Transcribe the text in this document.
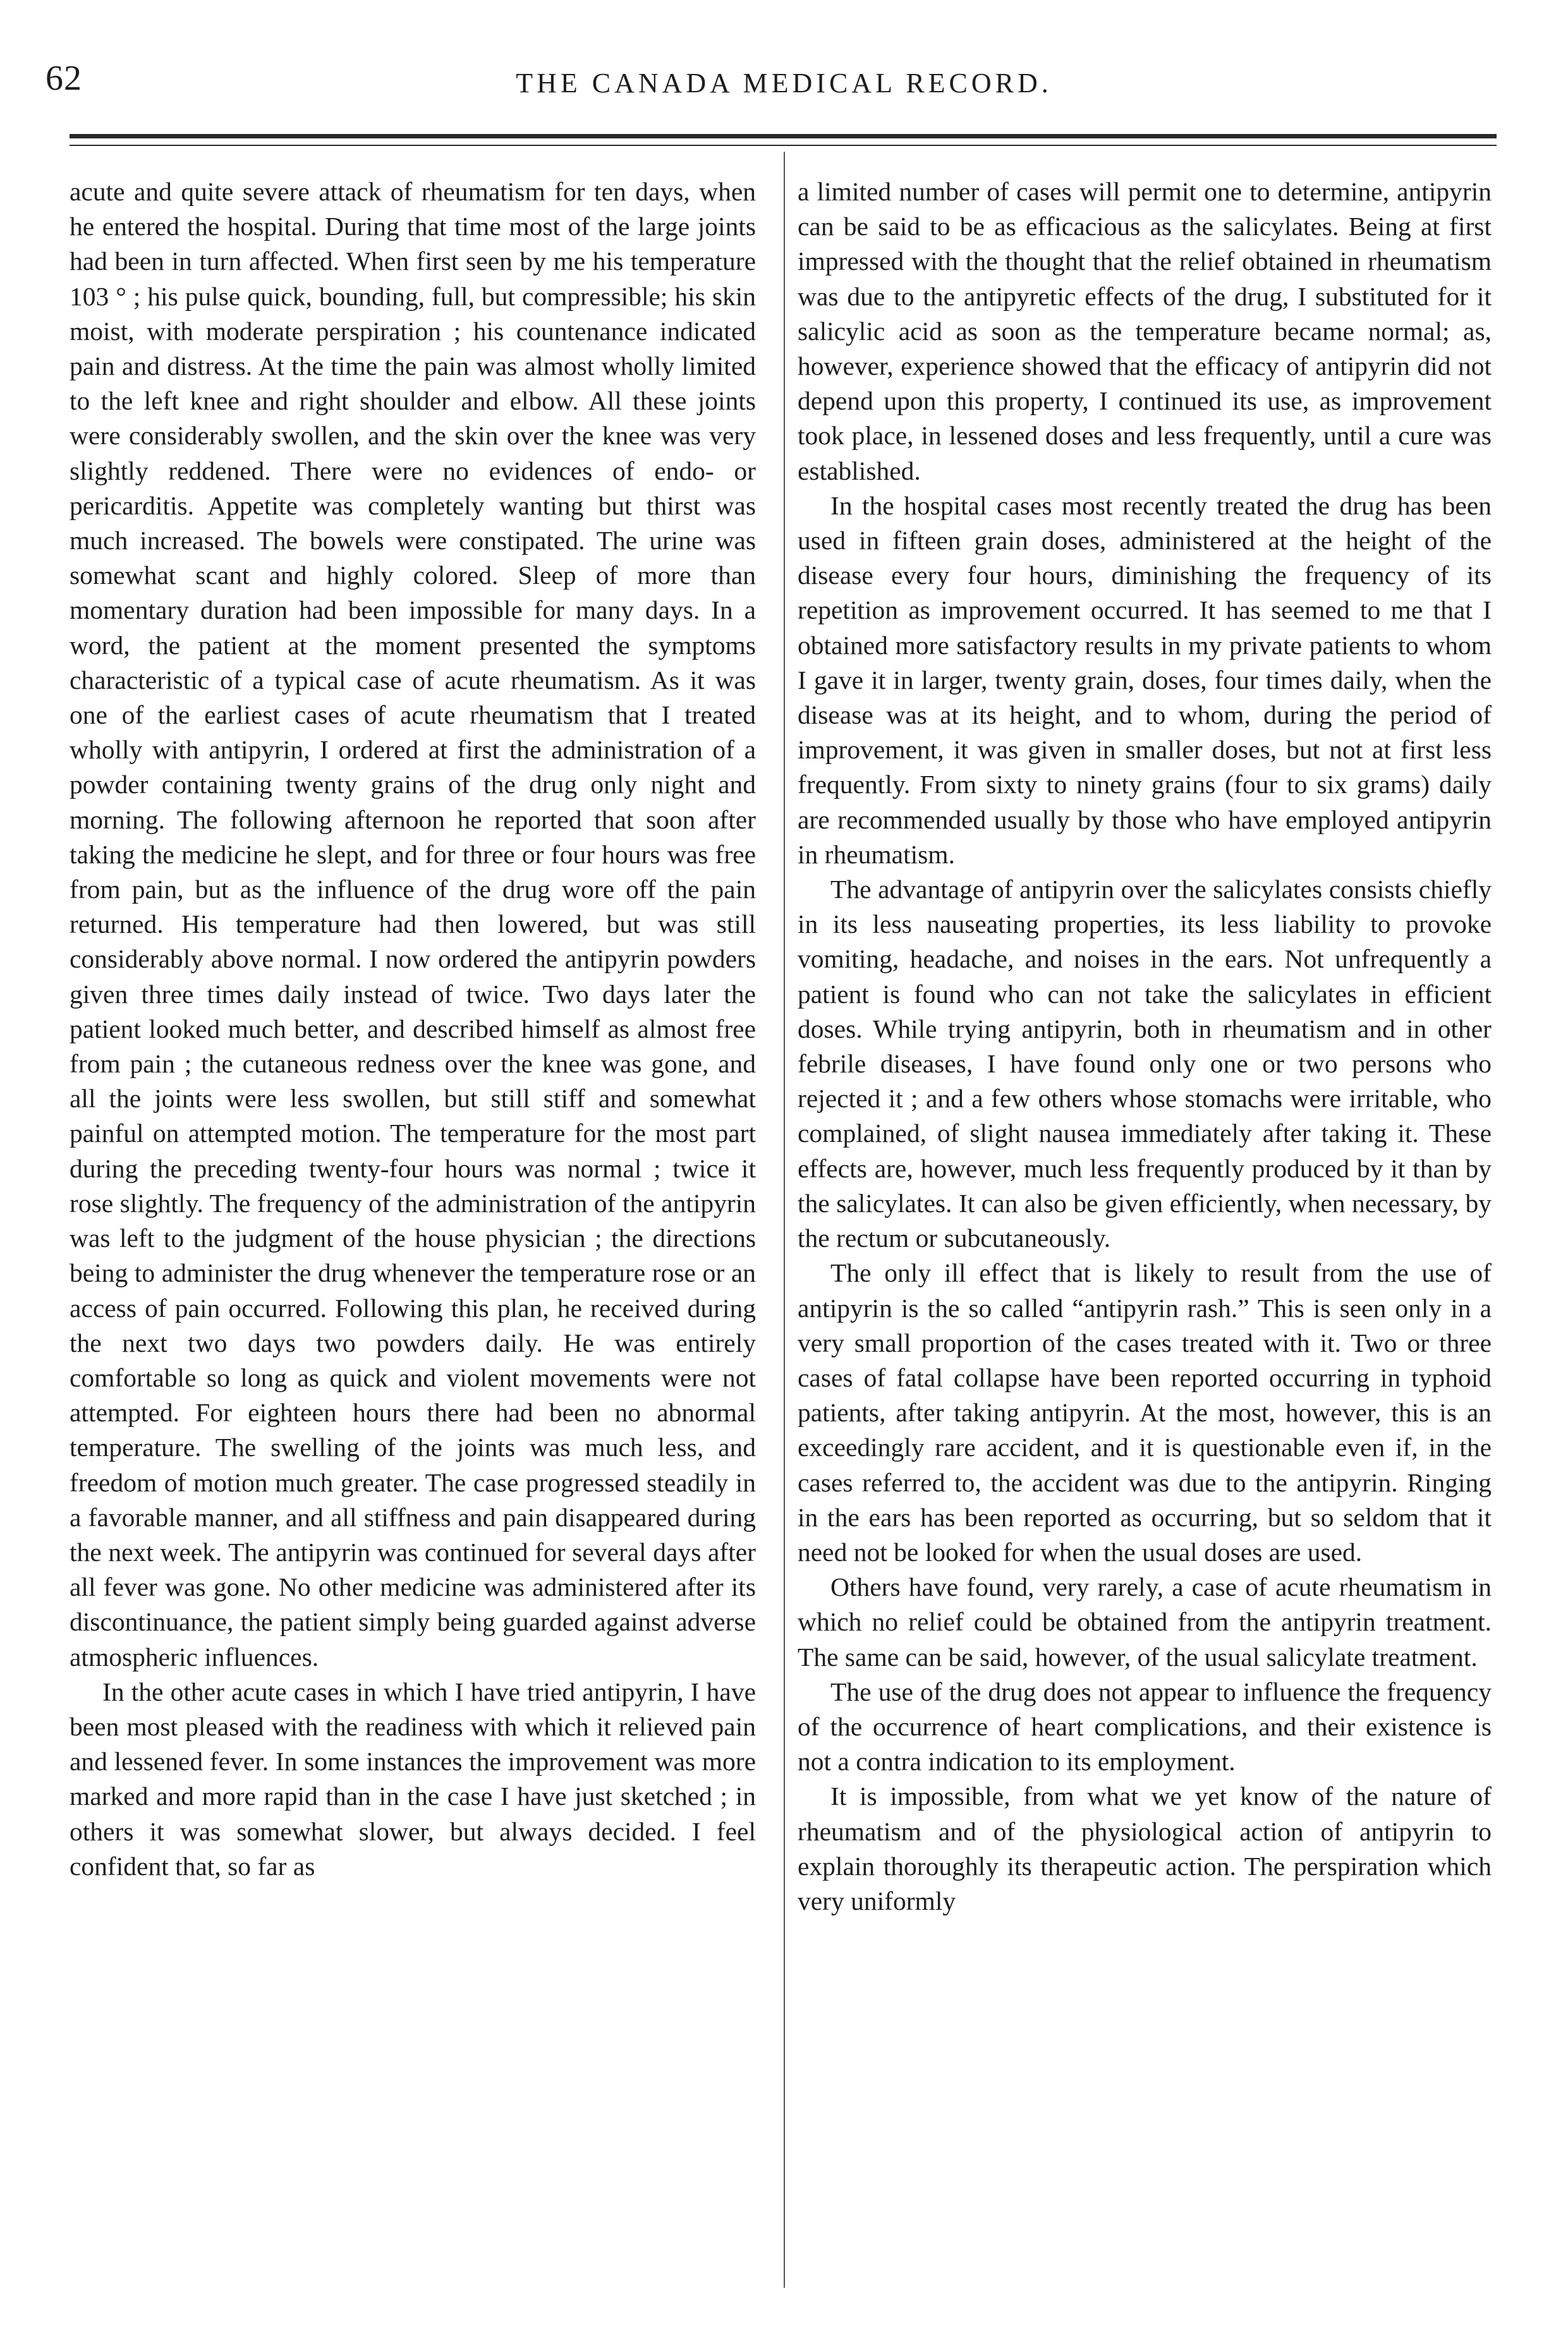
62	THE CANADA MEDICAL RECORD.

acute and quite severe attack of rheumatism for ten days, when he entered the hospital. During that time most of the large joints had been in turn affected. When first seen by me his temperature 103 ° ; his pulse quick, bounding, full, but compressible; his skin moist, with moderate perspiration ; his countenance indicated pain and distress. At the time the pain was almost wholly limited to the left knee and right shoulder and elbow. All these joints were considerably swollen, and the skin over the knee was very slightly reddened. There were no evidences of endo- or pericarditis. Appetite was completely wanting but thirst was much increased. The bowels were constipated. The urine was somewhat scant and highly colored. Sleep of more than momentary duration had been impossible for many days. In a word, the patient at the moment presented the symptoms characteristic of a typical case of acute rheumatism. As it was one of the earliest cases of acute rheumatism that I treated wholly with antipyrin, I ordered at first the administration of a powder containing twenty grains of the drug only night and morning. The following afternoon he reported that soon after taking the medicine he slept, and for three or four hours was free from pain, but as the influence of the drug wore off the pain returned. His temperature had then lowered, but was still considerably above normal. I now ordered the antipyrin powders given three times daily instead of twice. Two days later the patient looked much better, and described himself as almost free from pain ; the cutaneous redness over the knee was gone, and all the joints were less swollen, but still stiff and somewhat painful on attempted motion. The temperature for the most part during the preceding twenty-four hours was normal ; twice it rose slightly. The frequency of the administration of the antipyrin was left to the judgment of the house physician ; the directions being to administer the drug whenever the temperature rose or an access of pain occurred. Following this plan, he received during the next two days two powders daily. He was entirely comfortable so long as quick and violent movements were not attempted. For eighteen hours there had been no abnormal temperature. The swelling of the joints was much less, and freedom of motion much greater. The case progressed steadily in a favorable manner, and all stiffness and pain disappeared during the next week. The antipyrin was continued for several days after all fever was gone. No other medicine was administered after its discontinuance, the patient simply being guarded against adverse atmospheric influences.

In the other acute cases in which I have tried antipyrin, I have been most pleased with the readiness with which it relieved pain and lessened fever. In some instances the improvement was more marked and more rapid than in the case I have just sketched ; in others it was somewhat slower, but always decided. I feel confident that, so far as

a limited number of cases will permit one to determine, antipyrin can be said to be as efficacious as the salicylates. Being at first impressed with the thought that the relief obtained in rheumatism was due to the antipyretic effects of the drug, I substituted for it salicylic acid as soon as the temperature became normal; as, however, experience showed that the efficacy of antipyrin did not depend upon this property, I continued its use, as improvement took place, in lessened doses and less frequently, until a cure was established.

In the hospital cases most recently treated the drug has been used in fifteen grain doses, administered at the height of the disease every four hours, diminishing the frequency of its repetition as improvement occurred. It has seemed to me that I obtained more satisfactory results in my private patients to whom I gave it in larger, twenty grain, doses, four times daily, when the disease was at its height, and to whom, during the period of improvement, it was given in smaller doses, but not at first less frequently. From sixty to ninety grains (four to six grams) daily are recommended usually by those who have employed antipyrin in rheumatism.

The advantage of antipyrin over the salicylates consists chiefly in its less nauseating properties, its less liability to provoke vomiting, headache, and noises in the ears. Not unfrequently a patient is found who can not take the salicylates in efficient doses. While trying antipyrin, both in rheumatism and in other febrile diseases, I have found only one or two persons who rejected it ; and a few others whose stomachs were irritable, who complained, of slight nausea immediately after taking it. These effects are, however, much less frequently produced by it than by the salicylates. It can also be given efficiently, when necessary, by the rectum or subcutaneously.

The only ill effect that is likely to result from the use of antipyrin is the so called “antipyrin rash.” This is seen only in a very small proportion of the cases treated with it. Two or three cases of fatal collapse have been reported occurring in typhoid patients, after taking antipyrin. At the most, however, this is an exceedingly rare accident, and it is questionable even if, in the cases referred to, the accident was due to the antipyrin. Ringing in the ears has been reported as occurring, but so seldom that it need not be looked for when the usual doses are used.

Others have found, very rarely, a case of acute rheumatism in which no relief could be obtained from the antipyrin treatment. The same can be said, however, of the usual salicylate treatment.

The use of the drug does not appear to influence the frequency of the occurrence of heart complications, and their existence is not a contra indication to its employment.

It is impossible, from what we yet know of the nature of rheumatism and of the physiological action of antipyrin to explain thoroughly its therapeutic action. The perspiration which very uniformly
